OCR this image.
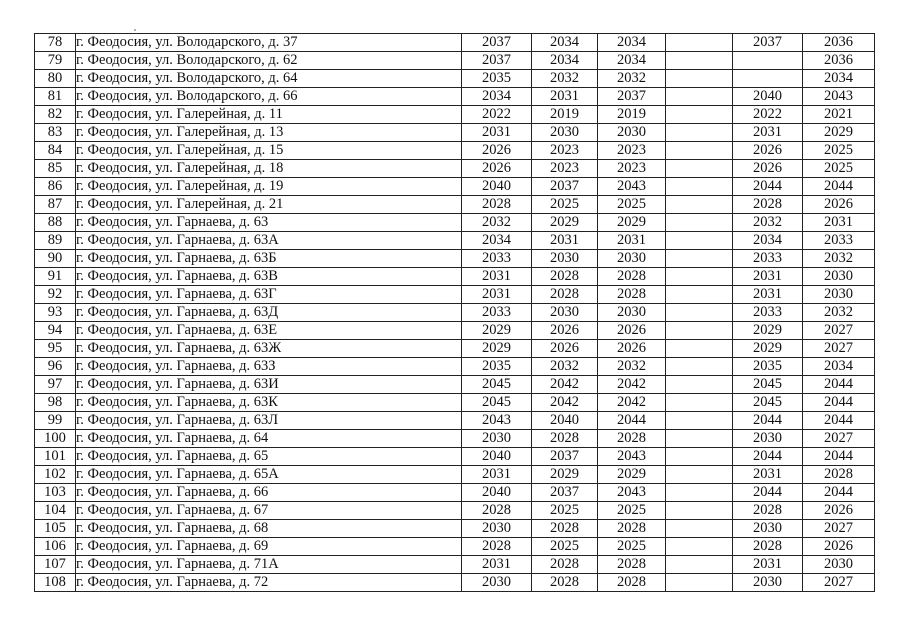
78	г. Феодосия, ул. Володарского, д. 37	2037	2034	2034		2037	2036
79	г. Феодосия, ул. Володарского, д. 62	2037	2034	2034			2036
80	г. Феодосия, ул. Володарского, д. 64	2035	2032	2032			2034
81	г. Феодосия, ул. Володарского, д. 66	2034	2031	2037		2040	2043
82	г. Феодосия, ул. Галерейная, д. 11	2022	2019	2019		2022	2021
83	г. Феодосия, ул. Галерейная, д. 13	2031	2030	2030		2031	2029
84	г. Феодосия, ул. Галерейная, д. 15	2026	2023	2023		2026	2025
85	г. Феодосия, ул. Галерейная, д. 18	2026	2023	2023		2026	2025
86	г. Феодосия, ул. Галерейная, д. 19	2040	2037	2043		2044	2044
87	г. Феодосия, ул. Галерейная, д. 21	2028	2025	2025		2028	2026
88	г. Феодосия, ул. Гарнаева, д. 63	2032	2029	2029		2032	2031
89	г. Феодосия, ул. Гарнаева, д. 63А	2034	2031	2031		2034	2033
90	г. Феодосия, ул. Гарнаева, д. 63Б	2033	2030	2030		2033	2032
91	г. Феодосия, ул. Гарнаева, д. 63В	2031	2028	2028		2031	2030
92	г. Феодосия, ул. Гарнаева, д. 63Г	2031	2028	2028		2031	2030
93	г. Феодосия, ул. Гарнаева, д. 63Д	2033	2030	2030		2033	2032
94	г. Феодосия, ул. Гарнаева, д. 63Е	2029	2026	2026		2029	2027
95	г. Феодосия, ул. Гарнаева, д. 63Ж	2029	2026	2026		2029	2027
96	г. Феодосия, ул. Гарнаева, д. 63З	2035	2032	2032		2035	2034
97	г. Феодосия, ул. Гарнаева, д. 63И	2045	2042	2042		2045	2044
98	г. Феодосия, ул. Гарнаева, д. 63К	2045	2042	2042		2045	2044
99	г. Феодосия, ул. Гарнаева, д. 63Л	2043	2040	2044		2044	2044
100	г. Феодосия, ул. Гарнаева, д. 64	2030	2028	2028		2030	2027
101	г. Феодосия, ул. Гарнаева, д. 65	2040	2037	2043		2044	2044
102	г. Феодосия, ул. Гарнаева, д. 65А	2031	2029	2029		2031	2028
103	г. Феодосия, ул. Гарнаева, д. 66	2040	2037	2043		2044	2044
104	г. Феодосия, ул. Гарнаева, д. 67	2028	2025	2025		2028	2026
105	г. Феодосия, ул. Гарнаева, д. 68	2030	2028	2028		2030	2027
106	г. Феодосия, ул. Гарнаева, д. 69	2028	2025	2025		2028	2026
107	г. Феодосия, ул. Гарнаева, д. 71А	2031	2028	2028		2031	2030
108	г. Феодосия, ул. Гарнаева, д. 72	2030	2028	2028		2030	2027
